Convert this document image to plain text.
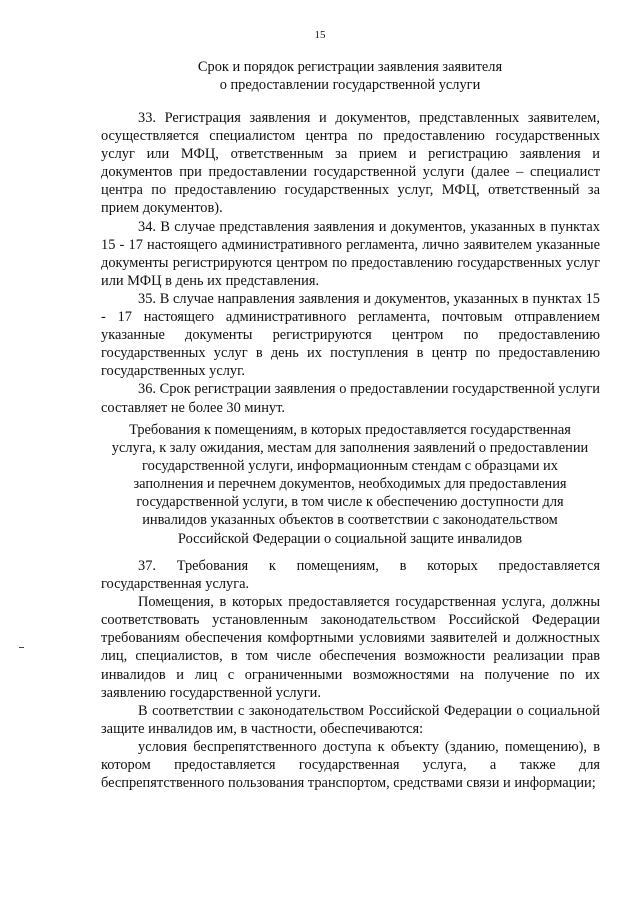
15
Срок и порядок регистрации заявления заявителя
о предоставлении государственной услуги

33. Регистрация заявления и документов, представленных заявителем, осуществляется специалистом центра по предоставлению государственных услуг или МФЦ, ответственным за прием и регистрацию заявления и документов при предоставлении государственной услуги (далее – специалист центра по предоставлению государственных услуг, МФЦ, ответственный за прием документов).

34. В случае представления заявления и документов, указанных в пунктах 15 - 17 настоящего административного регламента, лично заявителем указанные документы регистрируются центром по предоставлению государственных услуг или МФЦ в день их представления.

35. В случае направления заявления и документов, указанных в пунктах 15 - 17 настоящего административного регламента, почтовым отправлением указанные документы регистрируются центром по предоставлению государственных услуг в день их поступления в центр по предоставлению государственных услуг.

36. Срок регистрации заявления о предоставлении государственной услуги составляет не более 30 минут.

Требования к помещениям, в которых предоставляется государственная
услуга, к залу ожидания, местам для заполнения заявлений о предоставлении
государственной услуги, информационным стендам с образцами их
заполнения и перечнем документов, необходимых для предоставления
государственной услуги, в том числе к обеспечению доступности для
инвалидов указанных объектов в соответствии с законодательством
Российской Федерации о социальной защите инвалидов

37. Требования к помещениям, в которых предоставляется государственная услуга.

Помещения, в которых предоставляется государственная услуга, должны соответствовать установленным законодательством Российской Федерации требованиям обеспечения комфортными условиями заявителей и должностных лиц, специалистов, в том числе обеспечения возможности реализации прав инвалидов и лиц с ограниченными возможностями на получение по их заявлению государственной услуги.

В соответствии с законодательством Российской Федерации о социальной защите инвалидов им, в частности, обеспечиваются:

условия беспрепятственного доступа к объекту (зданию, помещению), в котором предоставляется государственная услуга, а также для беспрепятственного пользования транспортом, средствами связи и информации;
